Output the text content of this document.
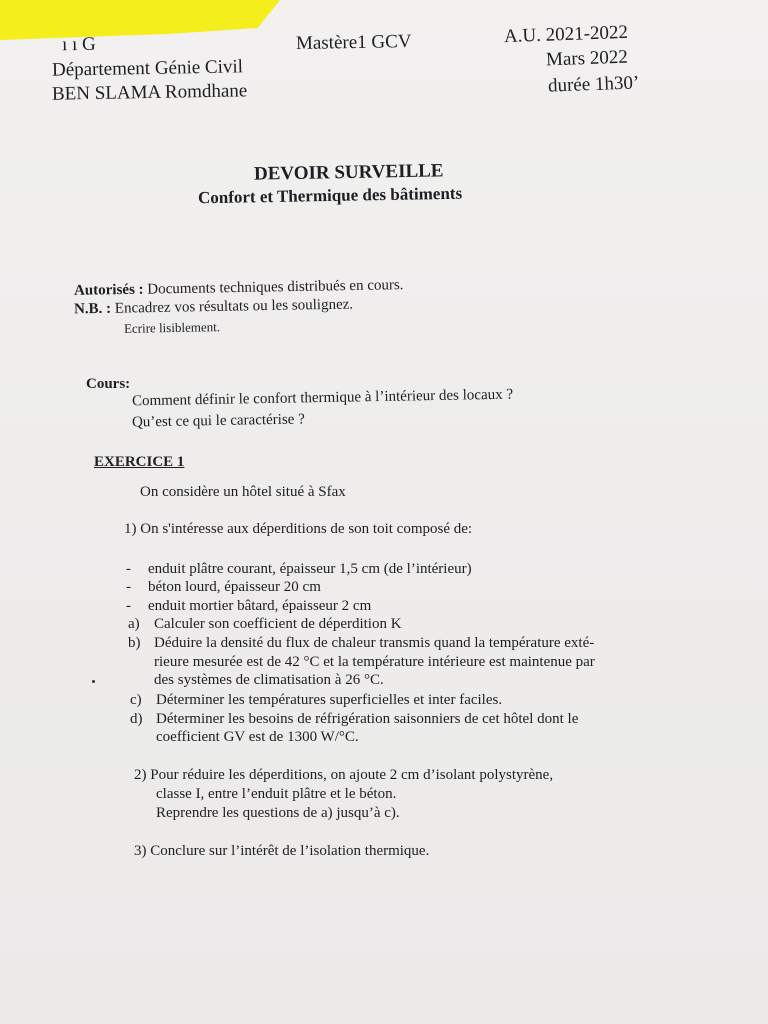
ı ı G
Département Génie Civil
BEN SLAMA Romdhane
Mastère1 GCV	A.U. 2021-2022
Mars 2022
durée 1h30’
DEVOIR SURVEILLE
Confort et Thermique des bâtiments
Autorisés : Documents techniques distribués en cours.
N.B. : Encadrez vos résultats ou les soulignez.
Ecrire lisiblement.
Cours:
Comment définir le confort thermique à l’intérieur des locaux ?
Qu’est ce qui le caractérise ?
EXERCICE 1
On considère un hôtel situé à Sfax
1) On s'intéresse aux déperditions de son toit composé de:
- enduit plâtre courant, épaisseur 1,5 cm (de l’intérieur)
- béton lourd, épaisseur 20 cm
- enduit mortier bâtard, épaisseur 2 cm
a) Calculer son coefficient de déperdition K
b) Déduire la densité du flux de chaleur transmis quand la température exté-
rieure mesurée est de 42 °C et la température intérieure est maintenue par
des systèmes de climatisation à 26 °C.
c) Déterminer les températures superficielles et inter faciles.
d) Déterminer les besoins de réfrigération saisonniers de cet hôtel dont le
coefficient GV est de 1300 W/°C.
2) Pour réduire les déperditions, on ajoute 2 cm d’isolant polystyrène,
classe I, entre l’enduit plâtre et le béton.
Reprendre les questions de a) jusqu’à c).
3) Conclure sur l’intérêt de l’isolation thermique.
